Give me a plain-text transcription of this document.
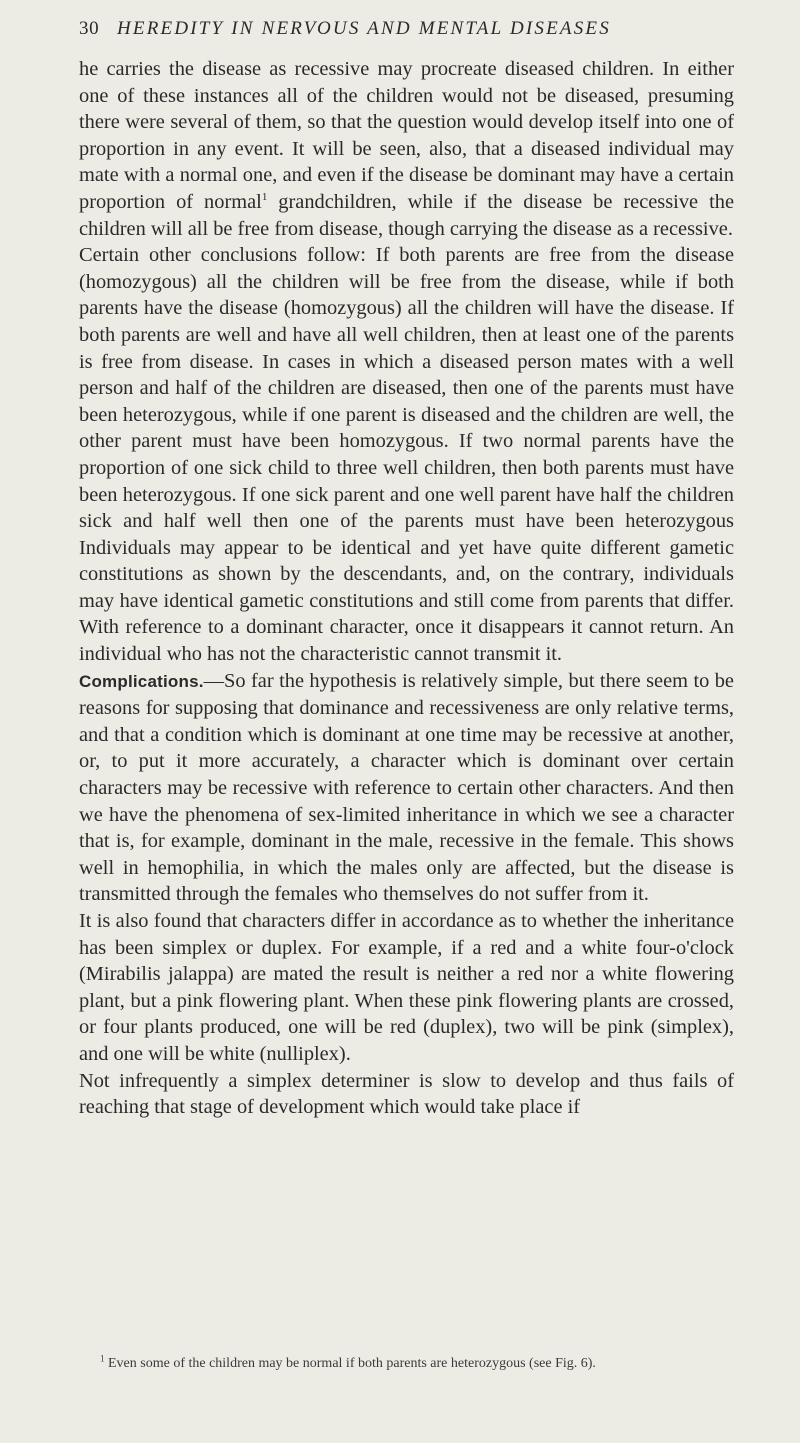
30 HEREDITY IN NERVOUS AND MENTAL DISEASES

he carries the disease as recessive may procreate diseased children. In either one of these instances all of the children would not be diseased, presuming there were several of them, so that the question would develop itself into one of proportion in any event. It will be seen, also, that a diseased individual may mate with a normal one, and even if the disease be dominant may have a certain proportion of normal$^1$ grandchildren, while if the disease be recessive the children will all be free from disease, though carrying the disease as a recessive.

Certain other conclusions follow: If both parents are free from the disease (homozygous) all the children will be free from the disease, while if both parents have the disease (homozygous) all the children will have the disease. If both parents are well and have all well children, then at least one of the parents is free from disease. In cases in which a diseased person mates with a well person and half of the children are diseased, then one of the parents must have been heterozygous, while if one parent is diseased and the children are well, the other parent must have been homozygous. If two normal parents have the proportion of one sick child to three well children, then both parents must have been heterozygous. If one sick parent and one well parent have half the children sick and half well then one of the parents must have been heterozygous Individuals may appear to be identical and yet have quite different gametic constitutions as shown by the descendants, and, on the contrary, individuals may have identical gametic constitutions and still come from parents that differ. With reference to a dominant character, once it disappears it cannot return. An individual who has not the characteristic cannot transmit it.

Complications.—So far the hypothesis is relatively simple, but there seem to be reasons for supposing that dominance and recessiveness are only relative terms, and that a condition which is dominant at one time may be recessive at another, or, to put it more accurately, a character which is dominant over certain characters may be recessive with reference to certain other characters. And then we have the phenomena of sex-limited inheritance in which we see a character that is, for example, dominant in the male, recessive in the female. This shows well in hemophilia, in which the males only are affected, but the disease is transmitted through the females who themselves do not suffer from it.

It is also found that characters differ in accordance as to whether the inheritance has been simplex or duplex. For example, if a red and a white four-o'clock (Mirabilis jalappa) are mated the result is neither a red nor a white flowering plant, but a pink flowering plant. When these pink flowering plants are crossed, or four plants produced, one will be red (duplex), two will be pink (simplex), and one will be white (nulliplex).

Not infrequently a simplex determiner is slow to develop and thus fails of reaching that stage of development which would take place if

$^1$ Even some of the children may be normal if both parents are heterozygous (see Fig. 6).
